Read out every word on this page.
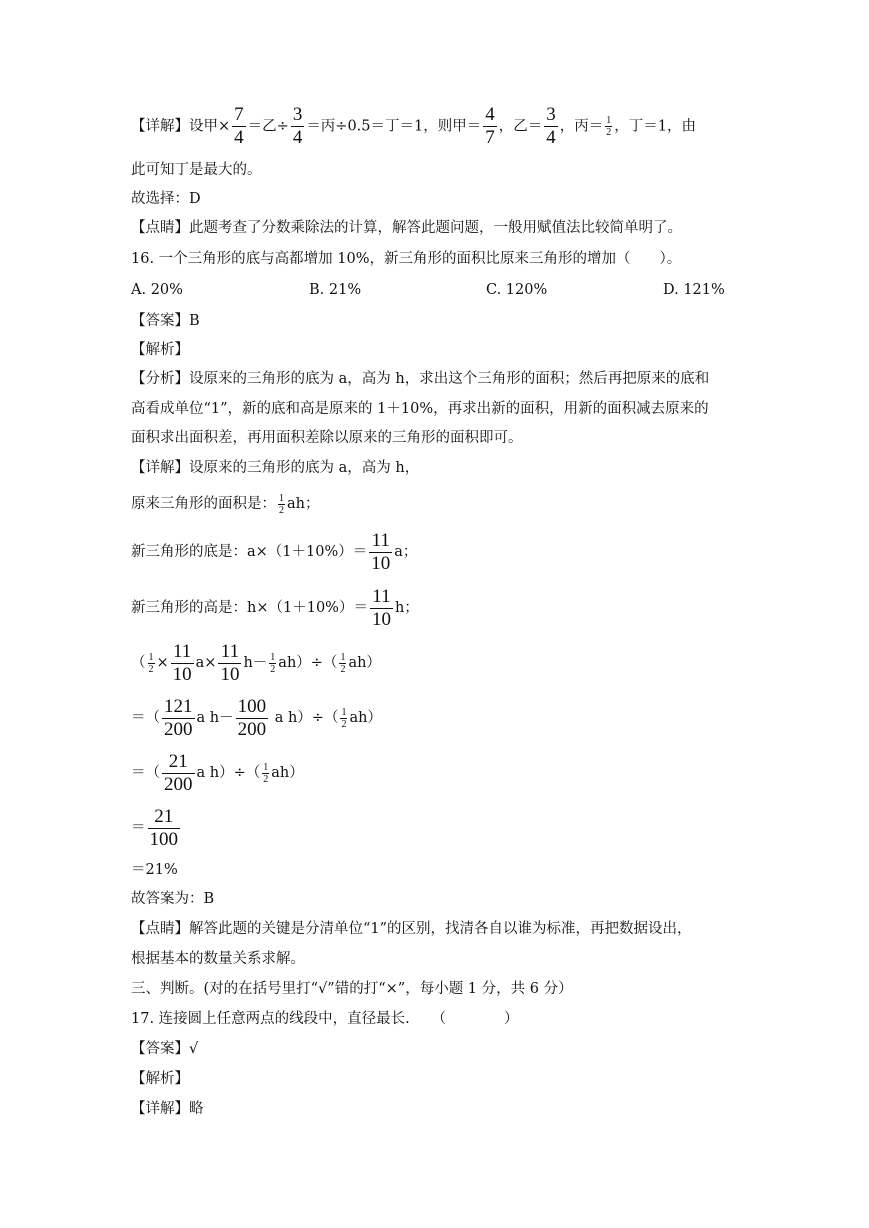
【详解】设甲× $\frac{7}{4}$ ＝乙÷ $\frac{3}{4}$ ＝丙÷0.5＝丁＝1，则甲＝ $\frac{4}{7}$ ，乙＝ $\frac{3}{4}$ ，丙＝ $\frac{1}{2}$ ，丁＝1，由
此可知丁是最大的。
故选择：D
【点睛】此题考查了分数乘除法的计算，解答此题问题，一般用赋值法比较简单明了。
16. 一个三角形的底与高都增加 10%，新三角形的面积比原来三角形的增加（　　）。
A. 20%	B. 21%	C. 120%	D. 121%
【答案】B
【解析】
【分析】设原来的三角形的底为 a，高为 h，求出这个三角形的面积；然后再把原来的底和
高看成单位“1”，新的底和高是原来的 1＋10%，再求出新的面积，用新的面积减去原来的
面积求出面积差，再用面积差除以原来的三角形的面积即可。
【详解】设原来的三角形的底为 a，高为 h，
原来三角形的面积是： $\frac{1}{2}$ ah；
新三角形的底是：$a\times(1+10\%)= \frac{11}{10}$ a；
新三角形的高是：$h\times(1+10\%)= \frac{11}{10}$ h；
（ $\frac{1}{2} \times \frac{11}{10} a\times \frac{11}{10} h- \frac{1}{2} ah)\div( \frac{1}{2} ah)$
＝（ $\frac{121}{200}$ a $h- \frac{100}{200}$ a $h)\div( \frac{1}{2} ah)$
＝（ $\frac{21}{200}$ a $h)\div( \frac{1}{2} ah)$
＝ $\frac{21}{100}$
＝21%
故答案为：B
【点睛】解答此题的关键是分清单位“1”的区别，找清各自以谁为标准，再把数据设出，
根据基本的数量关系求解。
三、判断。(对的在括号里打“√”错的打“×”，每小题 1 分，共 6 分）
17. 连接圆上任意两点的线段中，直径最长.　　（　　　　）
【答案】√
【解析】
【详解】略
